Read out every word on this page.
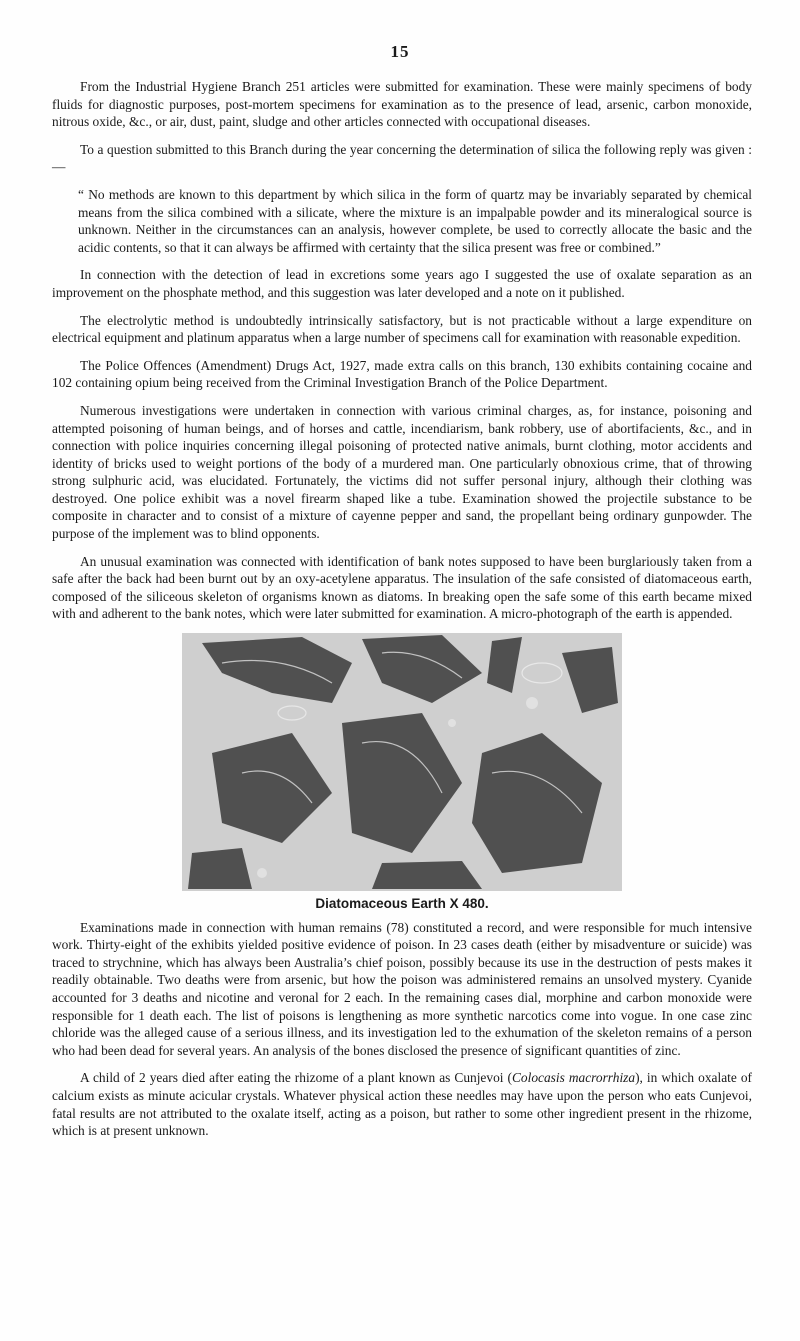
15

From the Industrial Hygiene Branch 251 articles were submitted for examination. These were mainly specimens of body fluids for diagnostic purposes, post-mortem specimens for examination as to the presence of lead, arsenic, carbon monoxide, nitrous oxide, &c., or air, dust, paint, sludge and other articles connected with occupational diseases.

To a question submitted to this Branch during the year concerning the determination of silica the following reply was given :—

“ No methods are known to this department by which silica in the form of quartz may be invariably separated by chemical means from the silica combined with a silicate, where the mixture is an impalpable powder and its mineralogical source is unknown. Neither in the circumstances can an analysis, however complete, be used to correctly allocate the basic and the acidic contents, so that it can always be affirmed with certainty that the silica present was free or combined.”

In connection with the detection of lead in excretions some years ago I suggested the use of oxalate separation as an improvement on the phosphate method, and this suggestion was later developed and a note on it published.

The electrolytic method is undoubtedly intrinsically satisfactory, but is not practicable without a large expenditure on electrical equipment and platinum apparatus when a large number of specimens call for examination with reasonable expedition.

The Police Offences (Amendment) Drugs Act, 1927, made extra calls on this branch, 130 exhibits containing cocaine and 102 containing opium being received from the Criminal Investigation Branch of the Police Department.

Numerous investigations were undertaken in connection with various criminal charges, as, for instance, poisoning and attempted poisoning of human beings, and of horses and cattle, incendiarism, bank robbery, use of abortifacients, &c., and in connection with police inquiries concerning illegal poisoning of protected native animals, burnt clothing, motor accidents and identity of bricks used to weight portions of the body of a murdered man. One particularly obnoxious crime, that of throwing strong sulphuric acid, was elucidated. Fortunately, the victims did not suffer personal injury, although their clothing was destroyed. One police exhibit was a novel firearm shaped like a tube. Examination showed the projectile substance to be composite in character and to consist of a mixture of cayenne pepper and sand, the propellant being ordinary gunpowder. The purpose of the implement was to blind opponents.

An unusual examination was connected with identification of bank notes supposed to have been burglariously taken from a safe after the back had been burnt out by an oxy-acetylene apparatus. The insulation of the safe consisted of diatomaceous earth, composed of the siliceous skeleton of organisms known as diatoms. In breaking open the safe some of this earth became mixed with and adherent to the bank notes, which were later submitted for examination. A micro-photograph of the earth is appended.

Diatomaceous Earth X 480.

Examinations made in connection with human remains (78) constituted a record, and were responsible for much intensive work. Thirty-eight of the exhibits yielded positive evidence of poison. In 23 cases death (either by misadventure or suicide) was traced to strychnine, which has always been Australia’s chief poison, possibly because its use in the destruction of pests makes it readily obtainable. Two deaths were from arsenic, but how the poison was administered remains an unsolved mystery. Cyanide accounted for 3 deaths and nicotine and veronal for 2 each. In the remaining cases dial, morphine and carbon monoxide were responsible for 1 death each. The list of poisons is lengthening as more synthetic narcotics come into vogue. In one case zinc chloride was the alleged cause of a serious illness, and its investigation led to the exhumation of the skeleton remains of a person who had been dead for several years. An analysis of the bones disclosed the presence of significant quantities of zinc.

A child of 2 years died after eating the rhizome of a plant known as Cunjevoi (Colocasis macrorrhiza), in which oxalate of calcium exists as minute acicular crystals. Whatever physical action these needles may have upon the person who eats Cunjevoi, fatal results are not attributed to the oxalate itself, acting as a poison, but rather to some other ingredient present in the rhizome, which is at present unknown.
